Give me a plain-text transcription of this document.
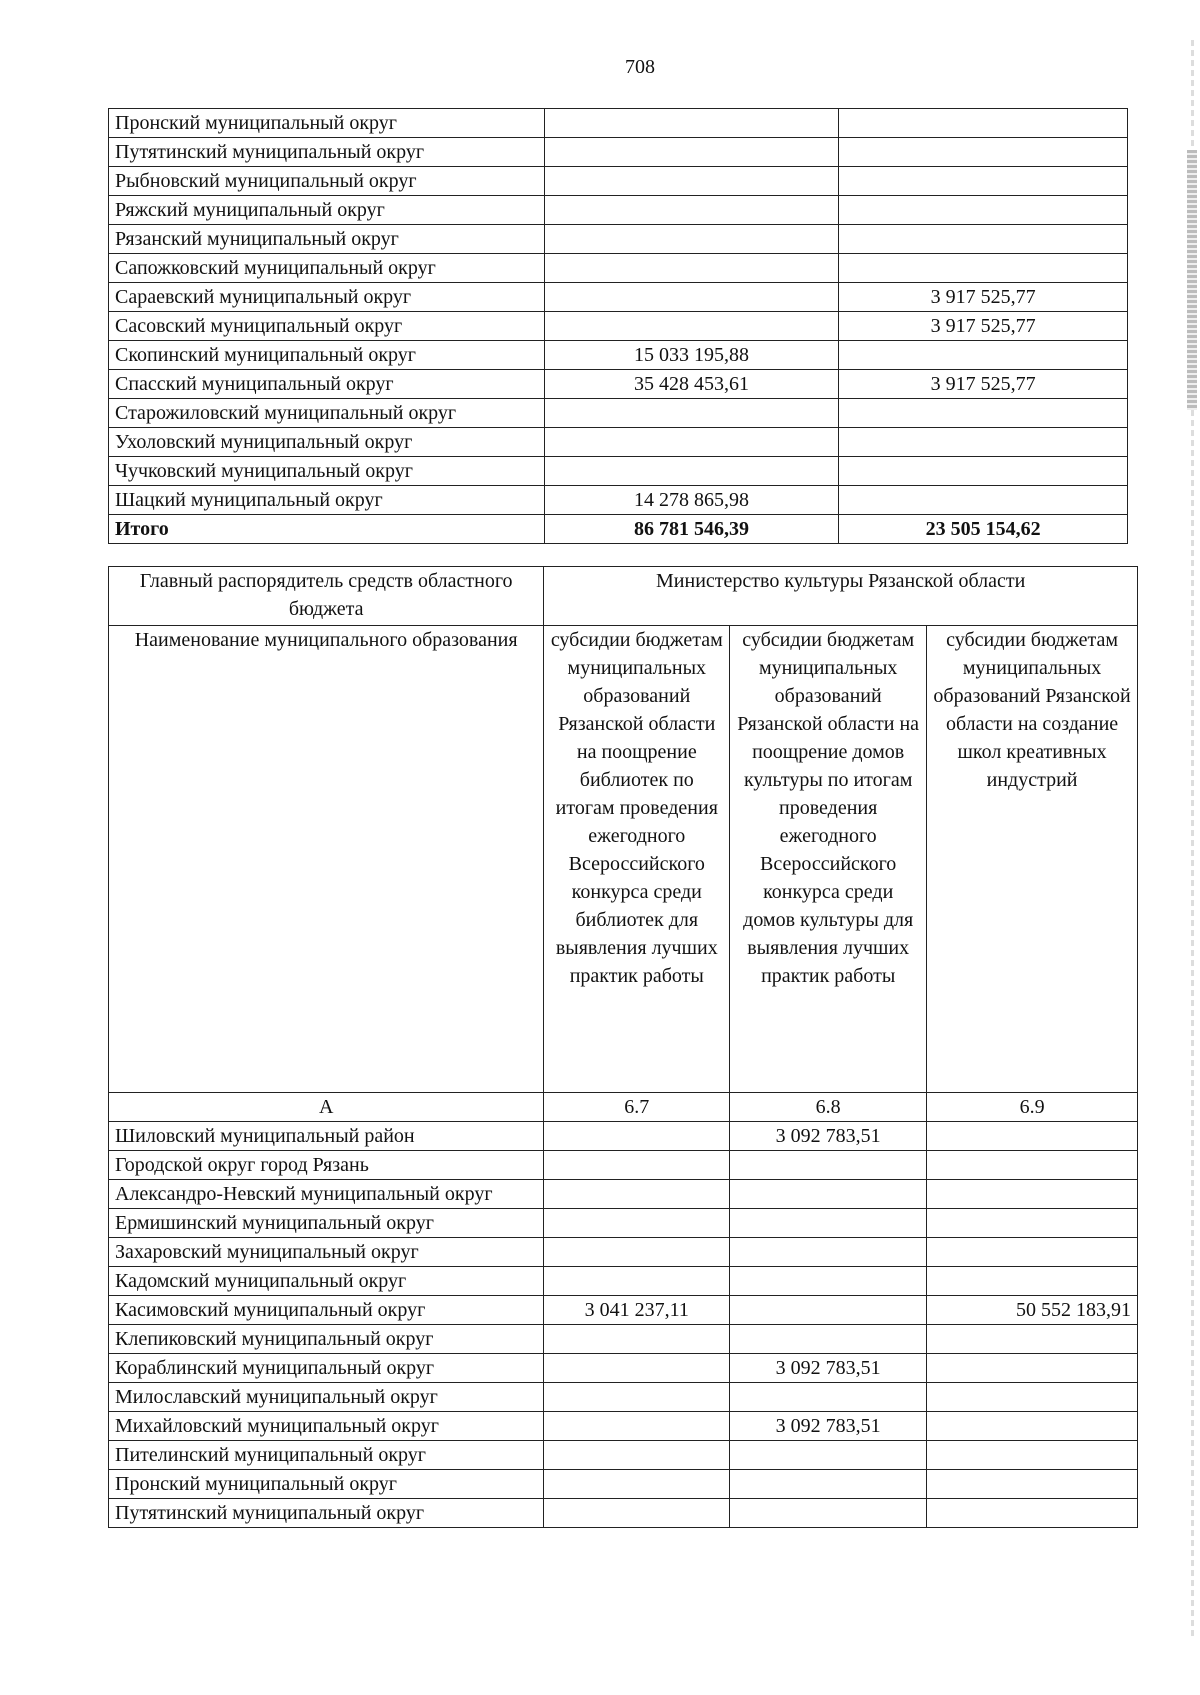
708
Пронский муниципальный округ		
Путятинский муниципальный округ		
Рыбновский муниципальный округ		
Ряжский муниципальный округ		
Рязанский муниципальный округ		
Сапожковский муниципальный округ		
Сараевский муниципальный округ		3 917 525,77
Сасовский муниципальный округ		3 917 525,77
Скопинский муниципальный округ	15 033 195,88	
Спасский муниципальный округ	35 428 453,61	3 917 525,77
Старожиловский муниципальный округ		
Ухоловский муниципальный округ		
Чучковский муниципальный округ		
Шацкий муниципальный округ	14 278 865,98	
Итого	86 781 546,39	23 505 154,62
Главный распорядитель средств областного бюджета	Министерство культуры Рязанской области		
Наименование муниципального образования	субсидии бюджетам муниципальных образований Рязанской области на поощрение библиотек по итогам проведения ежегодного Всероссийского конкурса среди библиотек для выявления лучших практик работы	субсидии бюджетам муниципальных образований Рязанской области на поощрение домов культуры по итогам проведения ежегодного Всероссийского конкурса среди домов культуры для выявления лучших практик работы	субсидии бюджетам муниципальных образований Рязанской области на создание школ креативных индустрий
А	6.7	6.8	6.9
Шиловский муниципальный район		3 092 783,51	
Городской округ город Рязань			
Александро-Невский муниципальный округ			
Ермишинский муниципальный округ			
Захаровский муниципальный округ			
Кадомский муниципальный округ			
Касимовский муниципальный округ	3 041 237,11		50 552 183,91
Клепиковский муниципальный округ			
Кораблинский муниципальный округ		3 092 783,51	
Милославский муниципальный округ			
Михайловский муниципальный округ		3 092 783,51	
Пителинский муниципальный округ			
Пронский муниципальный округ			
Путятинский муниципальный округ			
